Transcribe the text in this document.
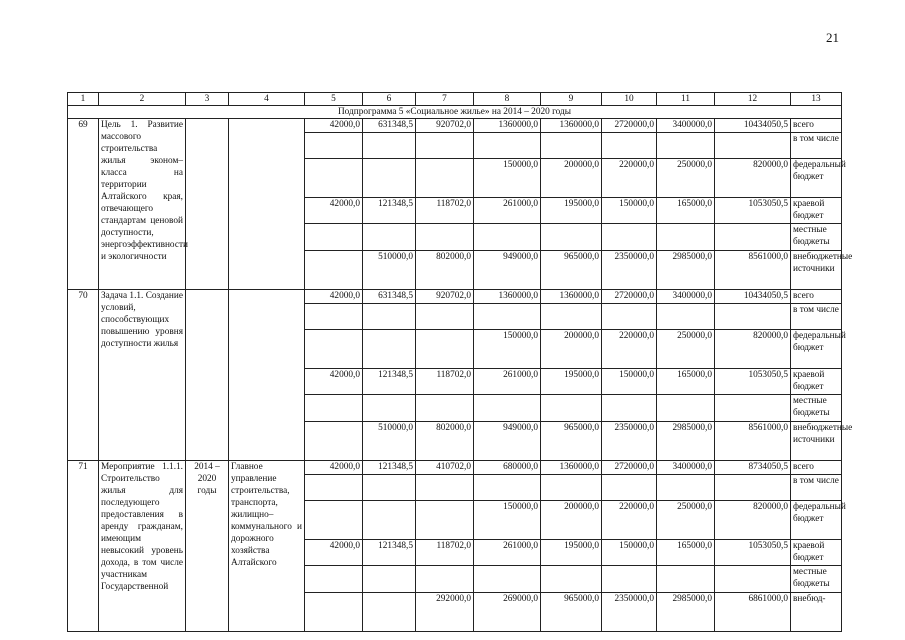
21
1	2	3	4	5	6	7	8	9	10	11	12	13
Подпрограмма 5 «Социальное жилье» на 2014 – 2020 годы												
69	Цель 1. Развитие массового строительства жилья эконом–класса на территории Алтайского края, отвечающего стандартам ценовой доступности, энергоэффективности и экологичности			42000,0	631348,5	920702,0	1360000,0	1360000,0	2720000,0	3400000,0	10434050,5	всего
												в том числе
							150000,0	200000,0	220000,0	250000,0	820000,0	федеральный бюджет
				42000,0	121348,5	118702,0	261000,0	195000,0	150000,0	165000,0	1053050,5	краевой бюджет
												местные бюджеты
					510000,0	802000,0	949000,0	965000,0	2350000,0	2985000,0	8561000,0	внебюджетные источники
70	Задача 1.1. Создание условий, способствующих повышению уровня доступности жилья			42000,0	631348,5	920702,0	1360000,0	1360000,0	2720000,0	3400000,0	10434050,5	всего
												в том числе
							150000,0	200000,0	220000,0	250000,0	820000,0	федеральный бюджет
				42000,0	121348,5	118702,0	261000,0	195000,0	150000,0	165000,0	1053050,5	краевой бюджет
												местные бюджеты
					510000,0	802000,0	949000,0	965000,0	2350000,0	2985000,0	8561000,0	внебюджетные источники
71	Мероприятие 1.1.1. Строительство жилья для последующего предоставления в аренду гражданам, имеющим невысокий уровень дохода, в том числе участникам Государственной	2014 – 2020 годы	Главное управление строительства, транспорта, жилищно–коммунального и дорожного хозяйства Алтайского	42000,0	121348,5	410702,0	680000,0	1360000,0	2720000,0	3400000,0	8734050,5	всего
												в том числе
							150000,0	200000,0	220000,0	250000,0	820000,0	федеральный бюджет
				42000,0	121348,5	118702,0	261000,0	195000,0	150000,0	165000,0	1053050,5	краевой бюджет
												местные бюджеты
						292000,0	269000,0	965000,0	2350000,0	2985000,0	6861000,0	внебюд-
